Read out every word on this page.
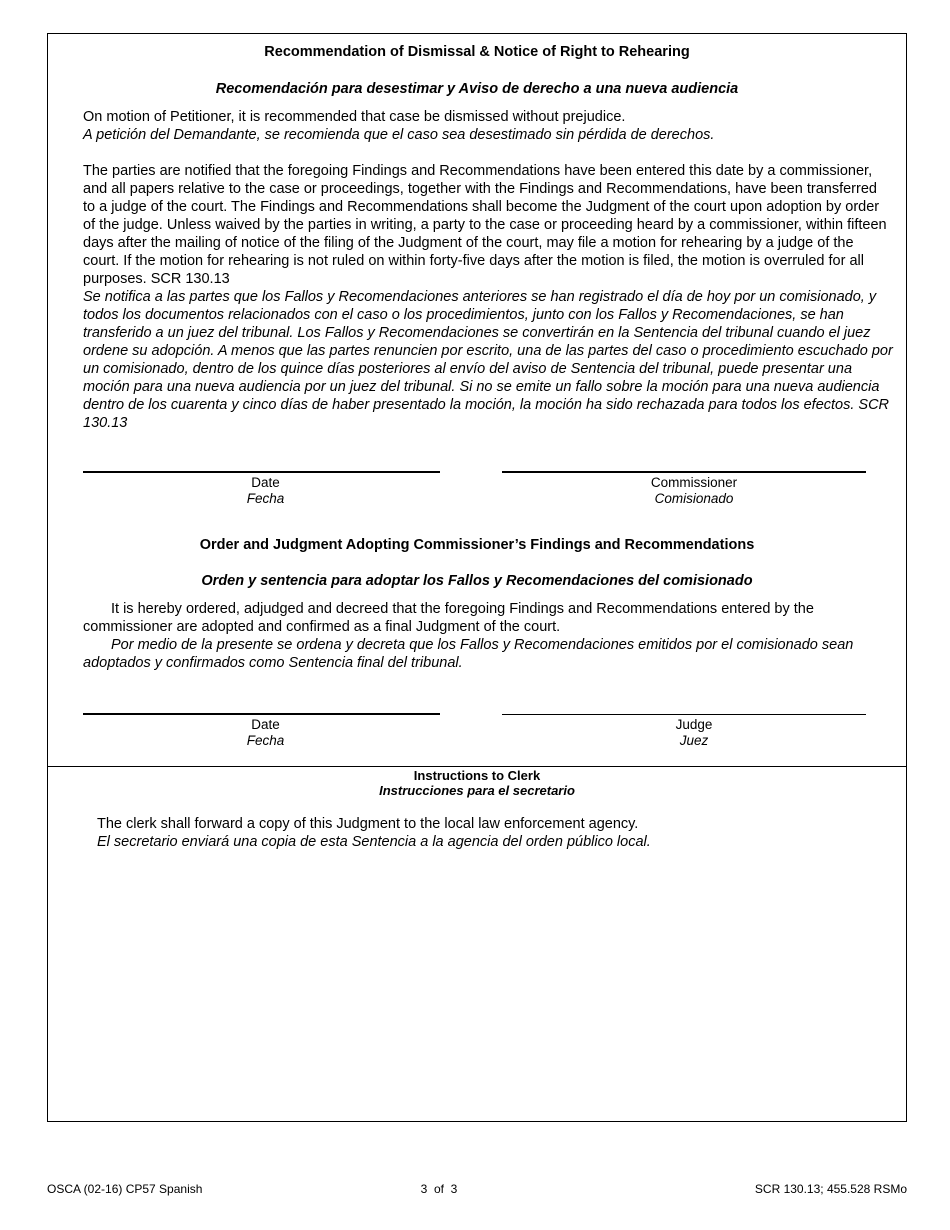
Recommendation of Dismissal & Notice of Right to Rehearing
Recomendación para desestimar y Aviso de derecho a una nueva audiencia

On motion of Petitioner, it is recommended that case be dismissed without prejudice.

A petición del Demandante, se recomienda que el caso sea desestimado sin pérdida de derechos.

The parties are notified that the foregoing Findings and Recommendations have been entered this date by a commissioner, and all papers relative to the case or proceedings, together with the Findings and Recommendations, have been transferred to a judge of the court. The Findings and Recommendations shall become the Judgment of the court upon adoption by order of the judge. Unless waived by the parties in writing, a party to the case or proceeding heard by a commissioner, within fifteen days after the mailing of notice of the filing of the Judgment of the court, may file a motion for rehearing by a judge of the court. If the motion for rehearing is not ruled on within forty-five days after the motion is filed, the motion is overruled for all purposes. SCR 130.13

Se notifica a las partes que los Fallos y Recomendaciones anteriores se han registrado el día de hoy por un comisionado, y todos los documentos relacionados con el caso o los procedimientos, junto con los Fallos y Recomendaciones, se han transferido a un juez del tribunal. Los Fallos y Recomendaciones se convertirán en la Sentencia del tribunal cuando el juez ordene su adopción. A menos que las partes renuncien por escrito, una de las partes del caso o procedimiento escuchado por un comisionado, dentro de los quince días posteriores al envío del aviso de Sentencia del tribunal, puede presentar una moción para una nueva audiencia por un juez del tribunal. Si no se emite un fallo sobre la moción para una nueva audiencia dentro de los cuarenta y cinco días de haber presentado la moción, la moción ha sido rechazada para todos los efectos. SCR 130.13

Date
Fecha
Commissioner
Comisionado
Order and Judgment Adopting Commissioner’s Findings and Recommendations
Orden y sentencia para adoptar los Fallos y Recomendaciones del comisionado

It is hereby ordered, adjudged and decreed that the foregoing Findings and Recommendations entered by the commissioner are adopted and confirmed as a final Judgment of the court.

Por medio de la presente se ordena y decreta que los Fallos y Recomendaciones emitidos por el comisionado sean adoptados y confirmados como Sentencia final del tribunal.

Date
Fecha
Judge
Juez
Instructions to Clerk
Instrucciones para el secretario

The clerk shall forward a copy of this Judgment to the local law enforcement agency.

El secretario enviará una copia de esta Sentencia a la agencia del orden público local.

OSCA (02-16) CP57 Spanish	3  of  3	SCR 130.13; 455.528 RSMo
